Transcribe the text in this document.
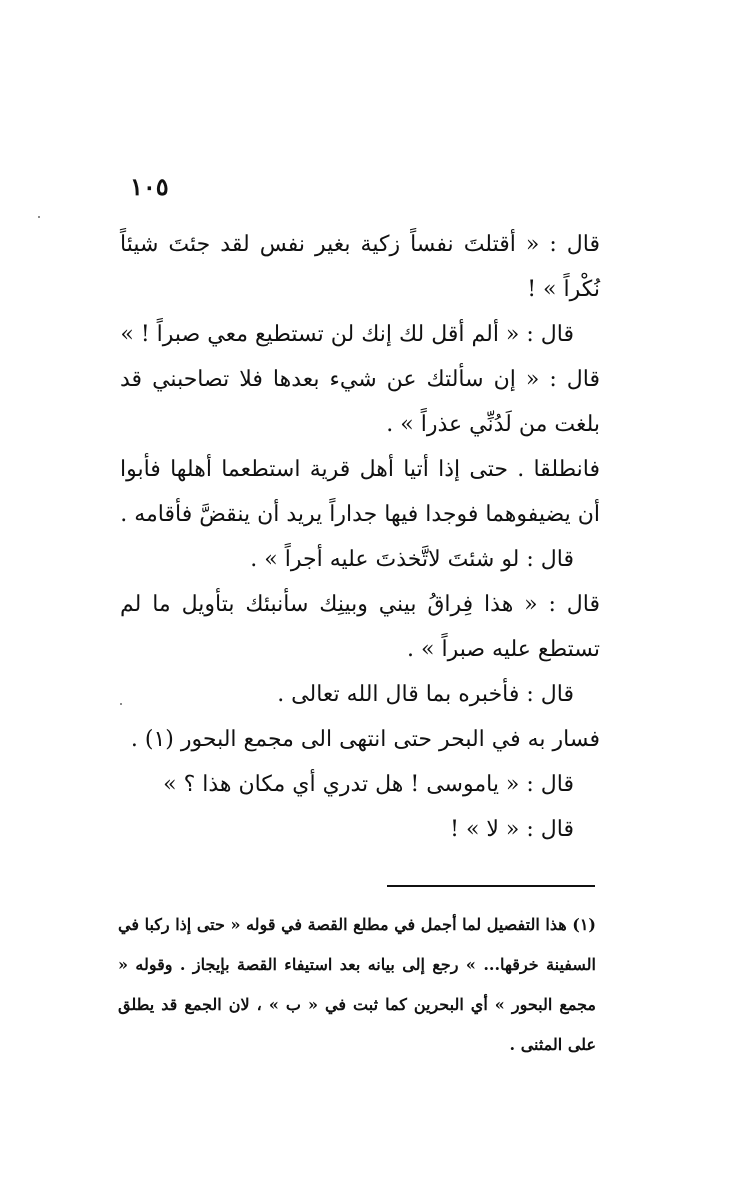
١٠٥

قال : « أقتلتَ نفساً زكية بغير نفس لقد جئتَ شيئاً نُكْراً » !

قال : « ألم أقل لك إنك لن تستطيع معي صبراً ! »

قال : « إن سألتك عن شيء بعدها فلا تصاحبني قد بلغت من لَدُنِّي عذراً » .

فانطلقا . حتى إذا أتيا أهل قرية استطعما أهلها فأبوا أن يضيفوهما فوجدا فيها جداراً يريد أن ينقضَّ فأقامه .

قال : لو شئتَ لاتَّخذتَ عليه أجراً » .

قال : « هذا فِراقُ بيني وبينِك سأنبئك بتأويل ما لم تستطع عليه صبراً » .

قال : فأخبره بما قال الله تعالى .

فسار به في البحر حتى انتهى الى مجمع البحور (١) .

قال : « ياموسى ! هل تدري أي مكان هذا ؟ »

قال : « لا » !

(١) هذا التفصيل لما أجمل في مطلع القصة في قوله « حتى إذا ركبا في السفينة خرقها... » رجع إلى بيانه بعد استيفاء القصة بإيجاز . وقوله « مجمع البحور » أي البحرين كما ثبت في « ب » ، لان الجمع قد يطلق على المثنى .
